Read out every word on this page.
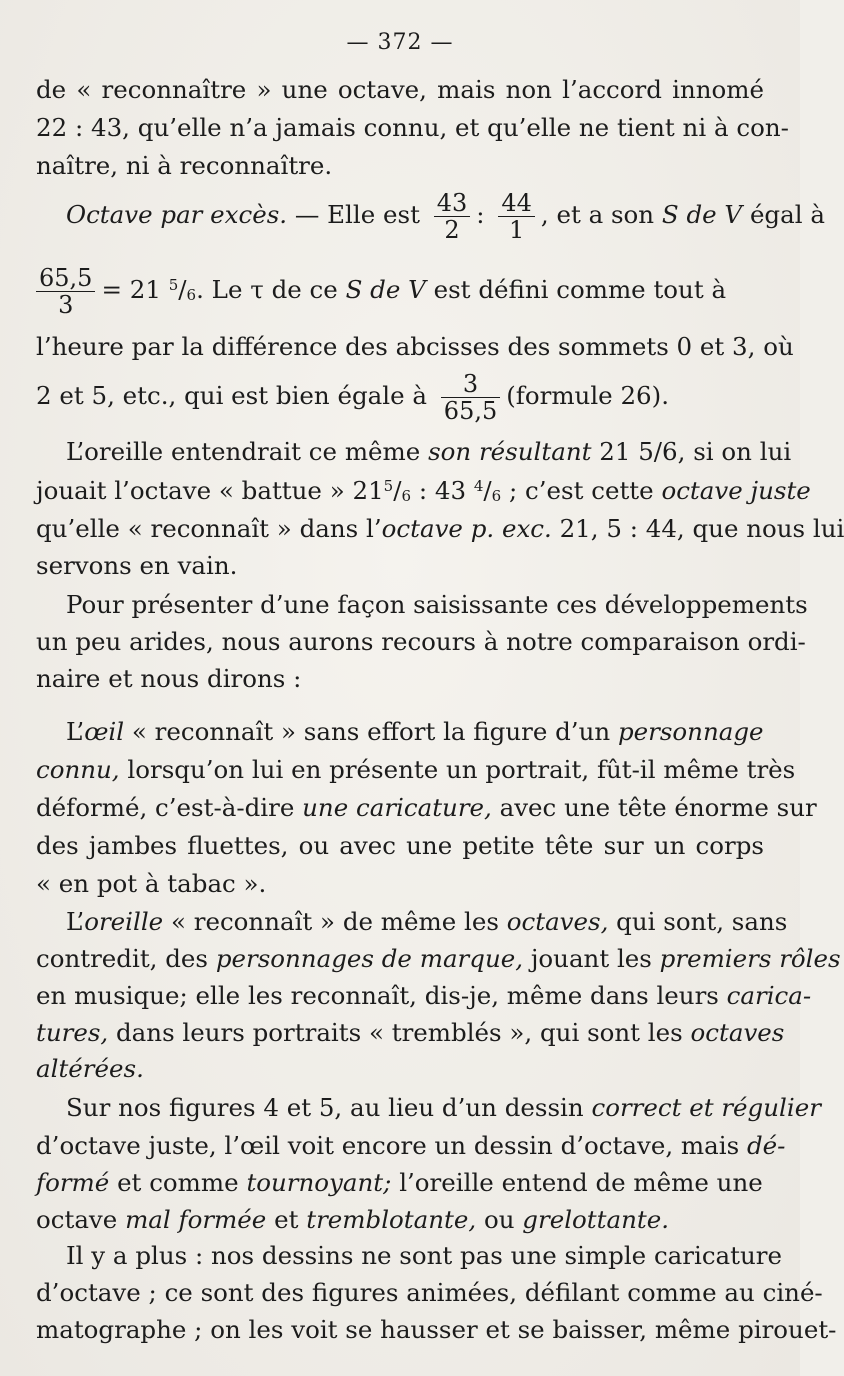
— 372 —
de « reconnaître » une octave, mais non l’accord innomé
22 : 43, qu’elle n’a jamais connu, et qu’elle ne tient ni à con-
naître, ni à reconnaître.
Octave par excès. — Elle est $\frac{43}{2}$ : $\frac{44}{1}$ , et a son S de V égal à
$\frac{65,5}{3} = 21$ $^5/_6$. Le τ de ce S de V est défini comme tout à
l’heure par la différence des abcisses des sommets 0 et 3, où
2 et 5, etc., qui est bien égale à $\frac{3}{65,5}$ (formule 26).
L’oreille entendrait ce même son résultant 21 5/6, si on lui
jouait l’octave « battue » $21^5/_6$ : 43 $^4/_6$ ; c’est cette octave juste
qu’elle « reconnaît » dans l’octave p. exc. 21, 5 : 44, que nous lui
servons en vain.
Pour présenter d’une façon saisissante ces développements
un peu arides, nous aurons recours à notre comparaison ordi-
naire et nous dirons :
L’œil « reconnaît » sans effort la figure d’un personnage
connu, lorsqu’on lui en présente un portrait, fût-il même très
déformé, c’est-à-dire une caricature, avec une tête énorme sur
des jambes fluettes, ou avec une petite tête sur un corps
« en pot à tabac ».
L’oreille « reconnaît » de même les octaves, qui sont, sans
contredit, des personnages de marque, jouant les premiers rôles
en musique; elle les reconnaît, dis-je, même dans leurs carica-
tures, dans leurs portraits « tremblés », qui sont les octaves
altérées.
Sur nos figures 4 et 5, au lieu d’un dessin correct et régulier
d’octave juste, l’œil voit encore un dessin d’octave, mais dé-
formé et comme tournoyant; l’oreille entend de même une
octave mal formée et tremblotante, ou grelottante.
Il y a plus : nos dessins ne sont pas une simple caricature
d’octave ; ce sont des figures animées, défilant comme au ciné-
matographe ; on les voit se hausser et se baisser, même pirouet-
